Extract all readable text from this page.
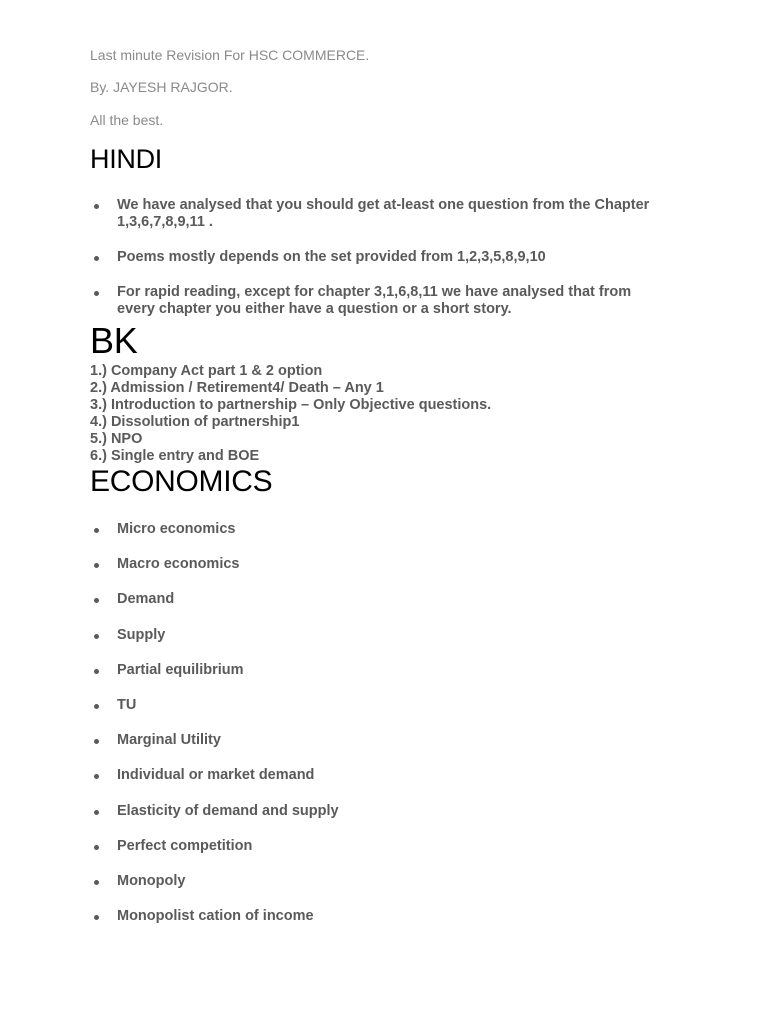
Last minute Revision For HSC COMMERCE.
By. JAYESH RAJGOR.
All the best.
HINDI
We have analysed that you should get at-least one question from the Chapter 1,3,6,7,8,9,11 .
Poems mostly depends on the set provided from 1,2,3,5,8,9,10
For rapid reading, except for chapter 3,1,6,8,11 we have analysed that from every chapter you either have a question or a short story.
BK
1.) Company Act part 1 & 2 option
2.) Admission / Retirement4/ Death – Any 1
3.) Introduction to partnership – Only Objective questions.
4.) Dissolution of partnership1
5.) NPO
6.) Single entry and BOE
ECONOMICS
Micro economics
Macro economics
Demand
Supply
Partial equilibrium
TU
Marginal Utility
Individual or market demand
Elasticity of demand and supply
Perfect competition
Monopoly
Monopolist cation of income
